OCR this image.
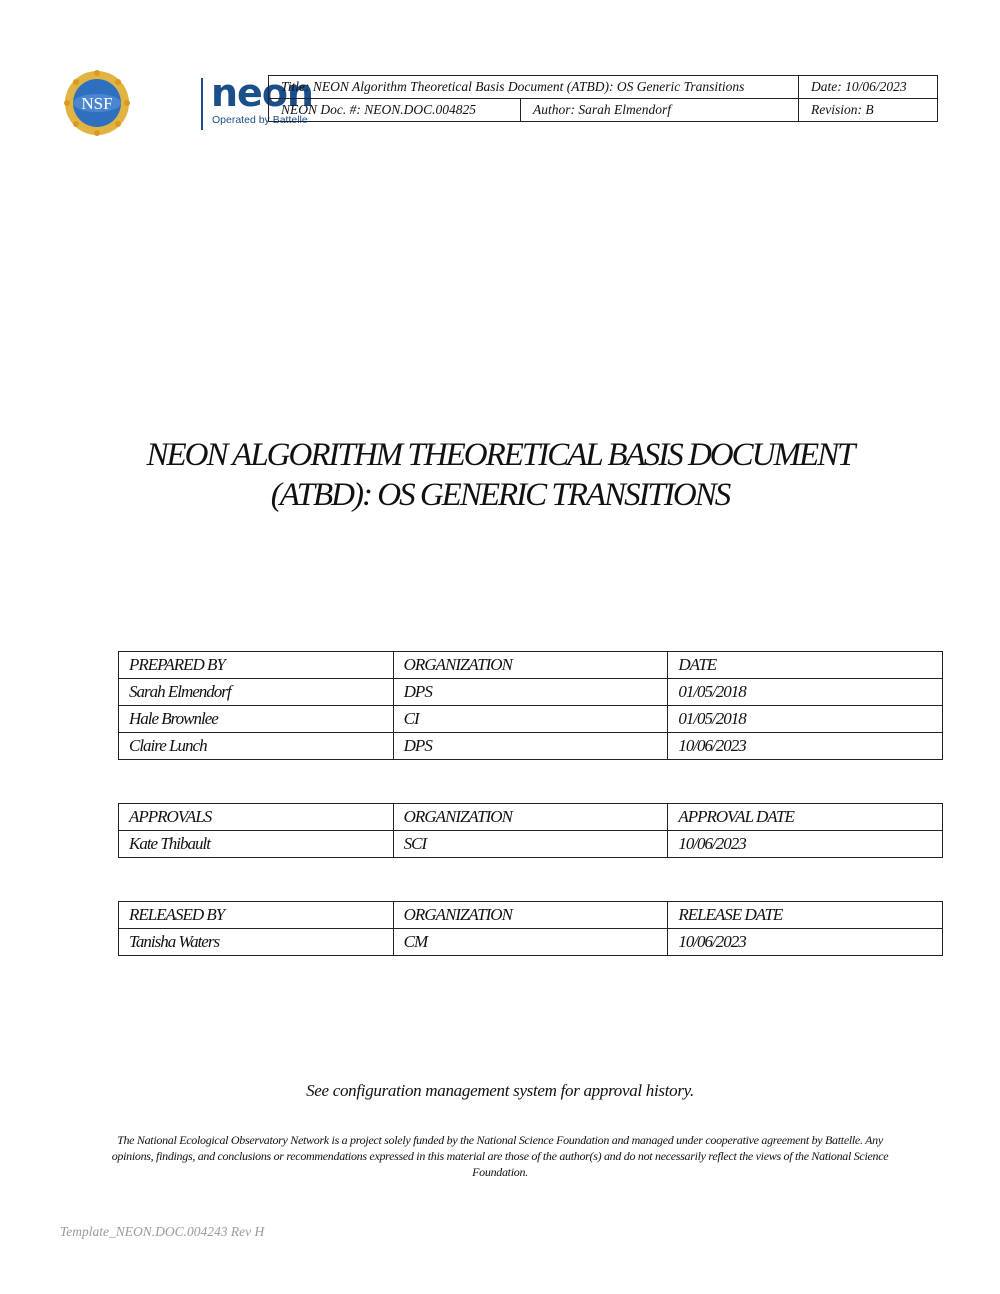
NSF	neon
Operated by Battelle
Title: NEON Algorithm Theoretical Basis Document (ATBD): OS Generic Transitions		Date: 10/06/2023
NEON Doc. #: NEON.DOC.004825	Author: Sarah Elmendorf	Revision: B
NEON ALGORITHM THEORETICAL BASIS DOCUMENT
(ATBD): OS GENERIC TRANSITIONS
PREPARED BY	ORGANIZATION	DATE
Sarah Elmendorf	DPS	01/05/2018
Hale Brownlee	CI	01/05/2018
Claire Lunch	DPS	10/06/2023
APPROVALS	ORGANIZATION	APPROVAL DATE
Kate Thibault	SCI	10/06/2023
RELEASED BY	ORGANIZATION	RELEASE DATE
Tanisha Waters	CM	10/06/2023
See configuration management system for approval history.
The National Ecological Observatory Network is a project solely funded by the National Science Foundation and managed under cooperative agreement by Battelle. Any opinions, findings, and conclusions or recommendations expressed in this material are those of the author(s) and do not necessarily reflect the views of the National Science Foundation.
Template_NEON.DOC.004243 Rev H
